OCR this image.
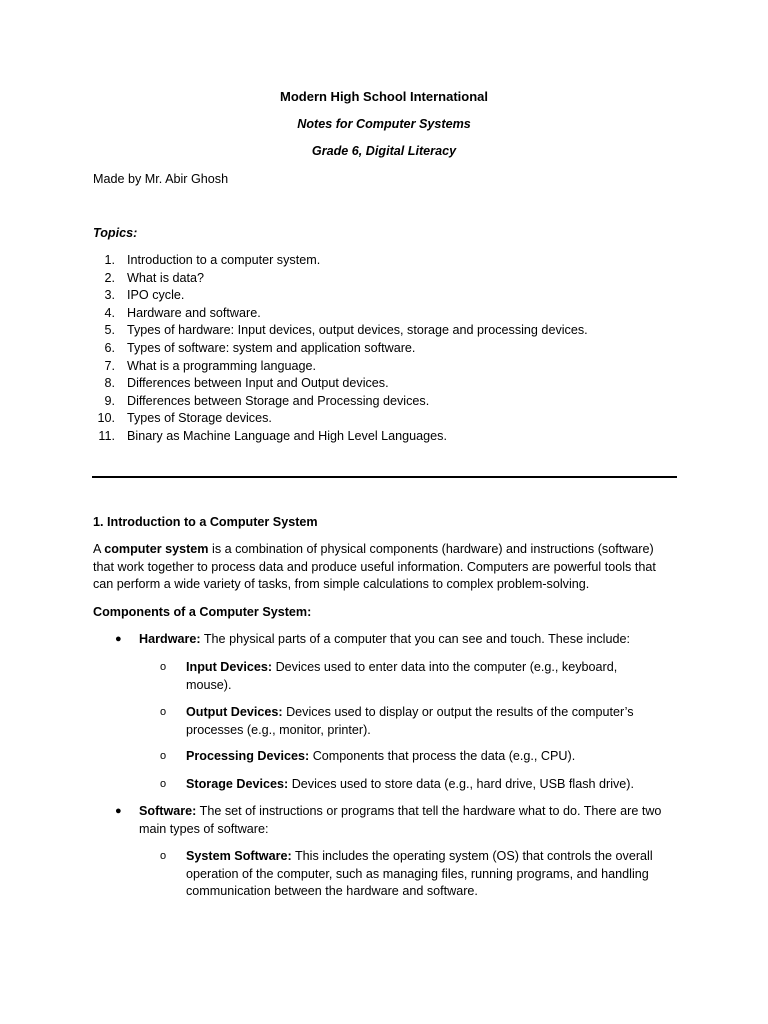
Modern High School International
Notes for Computer Systems
Grade 6, Digital Literacy
Made by Mr. Abir Ghosh
Topics:
1. Introduction to a computer system.
2. What is data?
3. IPO cycle.
4. Hardware and software.
5. Types of hardware: Input devices, output devices, storage and processing devices.
6. Types of software: system and application software.
7. What is a programming language.
8. Differences between Input and Output devices.
9. Differences between Storage and Processing devices.
10. Types of Storage devices.
11. Binary as Machine Language and High Level Languages.
1. Introduction to a Computer System

A computer system is a combination of physical components (hardware) and instructions (software) that work together to process data and produce useful information. Computers are powerful tools that can perform a wide variety of tasks, from simple calculations to complex problem-solving.

Components of a Computer System:
●	Hardware: The physical parts of a computer that you can see and touch. These include:
o	Input Devices: Devices used to enter data into the computer (e.g., keyboard, mouse).
o	Output Devices: Devices used to display or output the results of the computer’s processes (e.g., monitor, printer).
o	Processing Devices: Components that process the data (e.g., CPU).
o	Storage Devices: Devices used to store data (e.g., hard drive, USB flash drive).
●	Software: The set of instructions or programs that tell the hardware what to do. There are two main types of software:
o	System Software: This includes the operating system (OS) that controls the overall operation of the computer, such as managing files, running programs, and handling communication between the hardware and software.
